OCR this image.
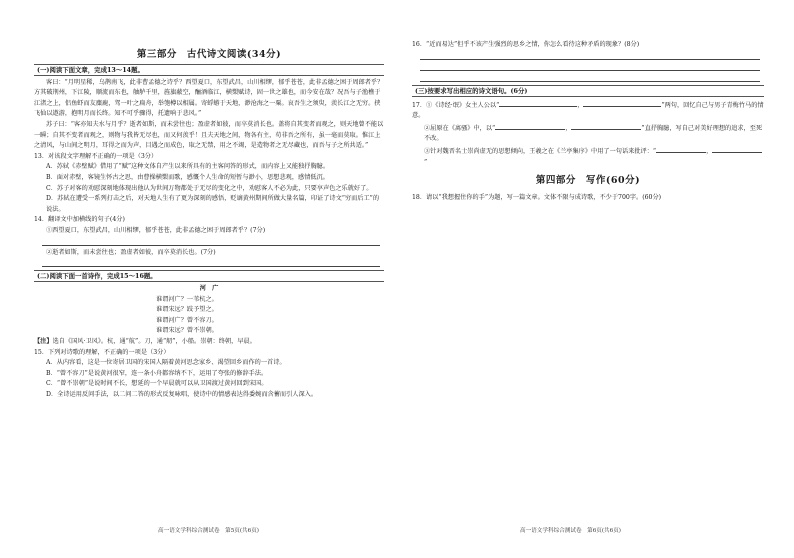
第三部分　古代诗文阅读(34分)
(一)阅读下面文章，完成13～14题。

客曰：“月明星稀，乌鹊南飞，此非曹孟德之诗乎？西望夏口，东望武昌，山川相缪，郁乎苍苍，此非孟德之困于周郎者乎？方其破荆州，下江陵，顺流而东也，舳舻千里，旌旗蔽空，酾酒临江，横槊赋诗，固一世之雄也，而今安在哉？况吾与子渔樵于江渚之上，侣鱼虾而友麋鹿，驾一叶之扁舟，举匏樽以相属。寄蜉蝣于天地，渺沧海之一粟。哀吾生之须臾，羡长江之无穷。挟飞仙以遨游，抱明月而长终。知不可乎骤得，托遗响于悲风。”

苏子曰：“客亦知夫水与月乎？逝者如斯，而未尝往也；盈虚者如彼，而卒莫消长也。盖将自其变者而观之，则天地曾不能以一瞬；自其不变者而观之，则物与我皆无尽也，而又何羡乎！且夫天地之间，物各有主，苟非吾之所有，虽一毫而莫取。惟江上之清风，与山间之明月，耳得之而为声，目遇之而成色，取之无禁，用之不竭，是造物者之无尽藏也，而吾与子之所共适。”

13．对该段文字理解不正确的一项是（3分）

A．苏轼《赤壁赋》借用了“赋”这种文体自产生以来所具有的主客问答的形式，而内容上又能独抒胸臆。

B．面对赤壁，客镜生怀古之思，由曹操横槊而歌，感慨个人生命的短暂与渺小，思想悲观，感情低沉。

C．苏子对客的劝慰深刻地体现出他认为世间万物都处于无尽的变化之中，劝慰客人不必为此，只要享声色之乐就好了。

D．苏轼在遭受一系列打击之后，对天地人生有了更为深刻的感悟，贬谪黄州期间所做大量名篇，印证了诗文“穷而后工”的说法。

14．翻译文中加横线的句子(4分)

①西望夏口，东望武昌，山川相缪，郁乎苍苍，此非孟德之困于周郎者乎？(7分)

②逝者如斯，而未尝往也；盈虚者如彼，而卒莫消长也。(7分)

(二)阅读下面一首诗作，完成15～16题。

河　广

谁谓河广？一苇杭之。

谁谓宋远？跂予望之。

谁谓河广？曾不容刀。

谁谓宋远？曾不崇朝。

【注】选自《国风·卫风》。杭，通“航”。刀，通“舠”，小船。崇朝：终朝，早晨。

15．下列对诗歌的理解，不正确的一项是（3分）

A．从内容看，这是一位寄居卫国的宋国人隔着黄河思念家乡、渴望回乡而作的一首诗。

B．“曾不容刀”是说黄河很窄，连一条小舟都容纳不下，运用了夸张的修辞手法。

C．“曾不崇朝”是说时间不长，想延的一个早晨就可以从卫国渡过黄河回到宋国。

D．全诗运用反问手法，以二问二答的形式反复咏唱，使诗中的情感表达得委婉而含蓄而引人深入。

16．“近而易达”但乎不该产生强烈的思乡之情，你怎么看待这种矛盾的现象？(8分)

(三)按要求写出相应的诗文语句。(6分)

17．①《诗经·氓》女主人公以“	，	”两句，回忆自己与男子青梅竹马的情意。

②屈原在《离骚》中，以“	，	”直抒胸臆，写自己对美好理想的追求，至死不改。

③针对魏晋名士崇尚虚无的思想倾向，王羲之在《兰亭集序》中用了一句话来批评：“	，”

第四部分　写作(60分)

18．请以“我想握住你的手”为题，写一篇文章。文体不限与成诗歌，不少于700字。(60分)

高一语文学科综合测试卷　第5页(共6页)	高一语文学科综合测试卷　第6页(共6页)
